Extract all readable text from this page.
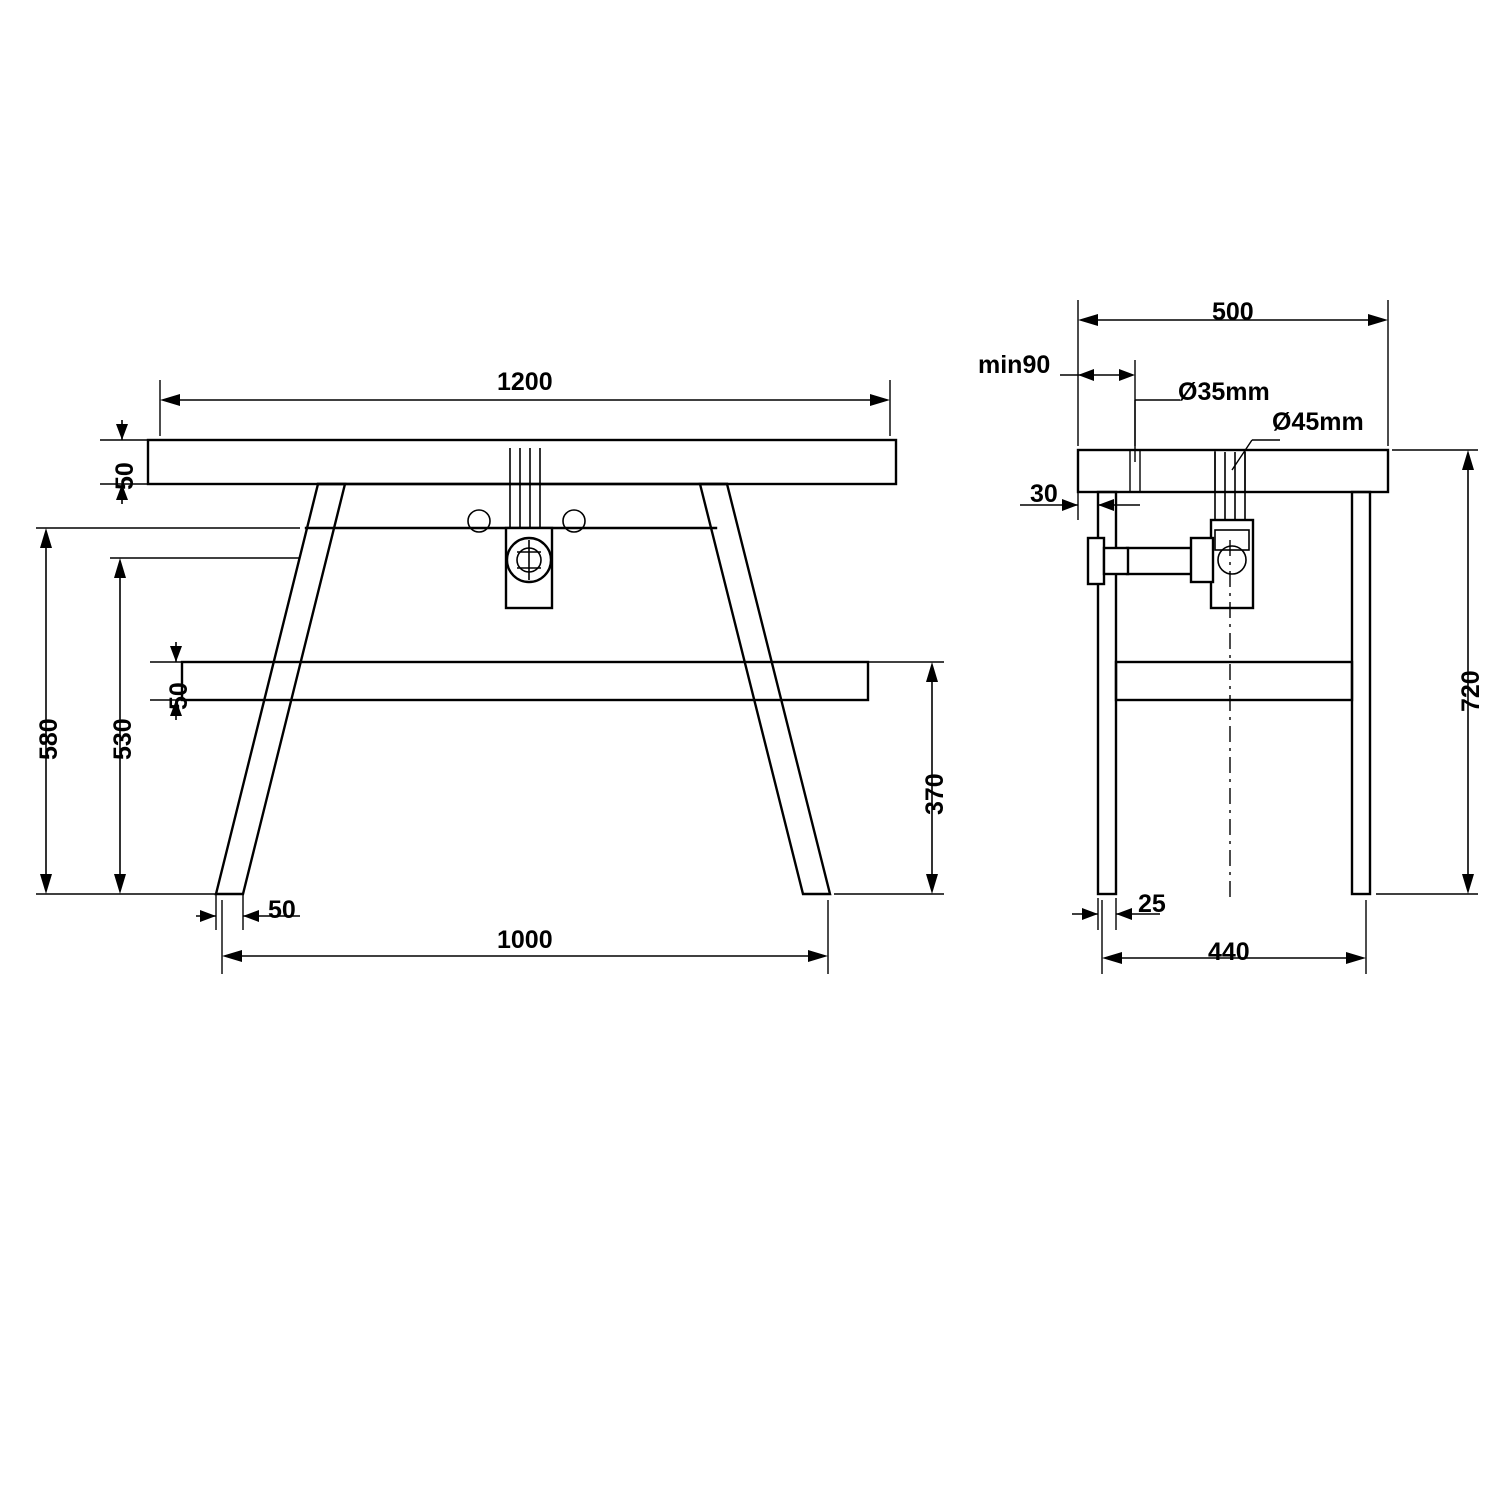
1200
50
580 530
50
370
50
1000
500
min90
Ø35mm
Ø45mm
30
720
25
440
